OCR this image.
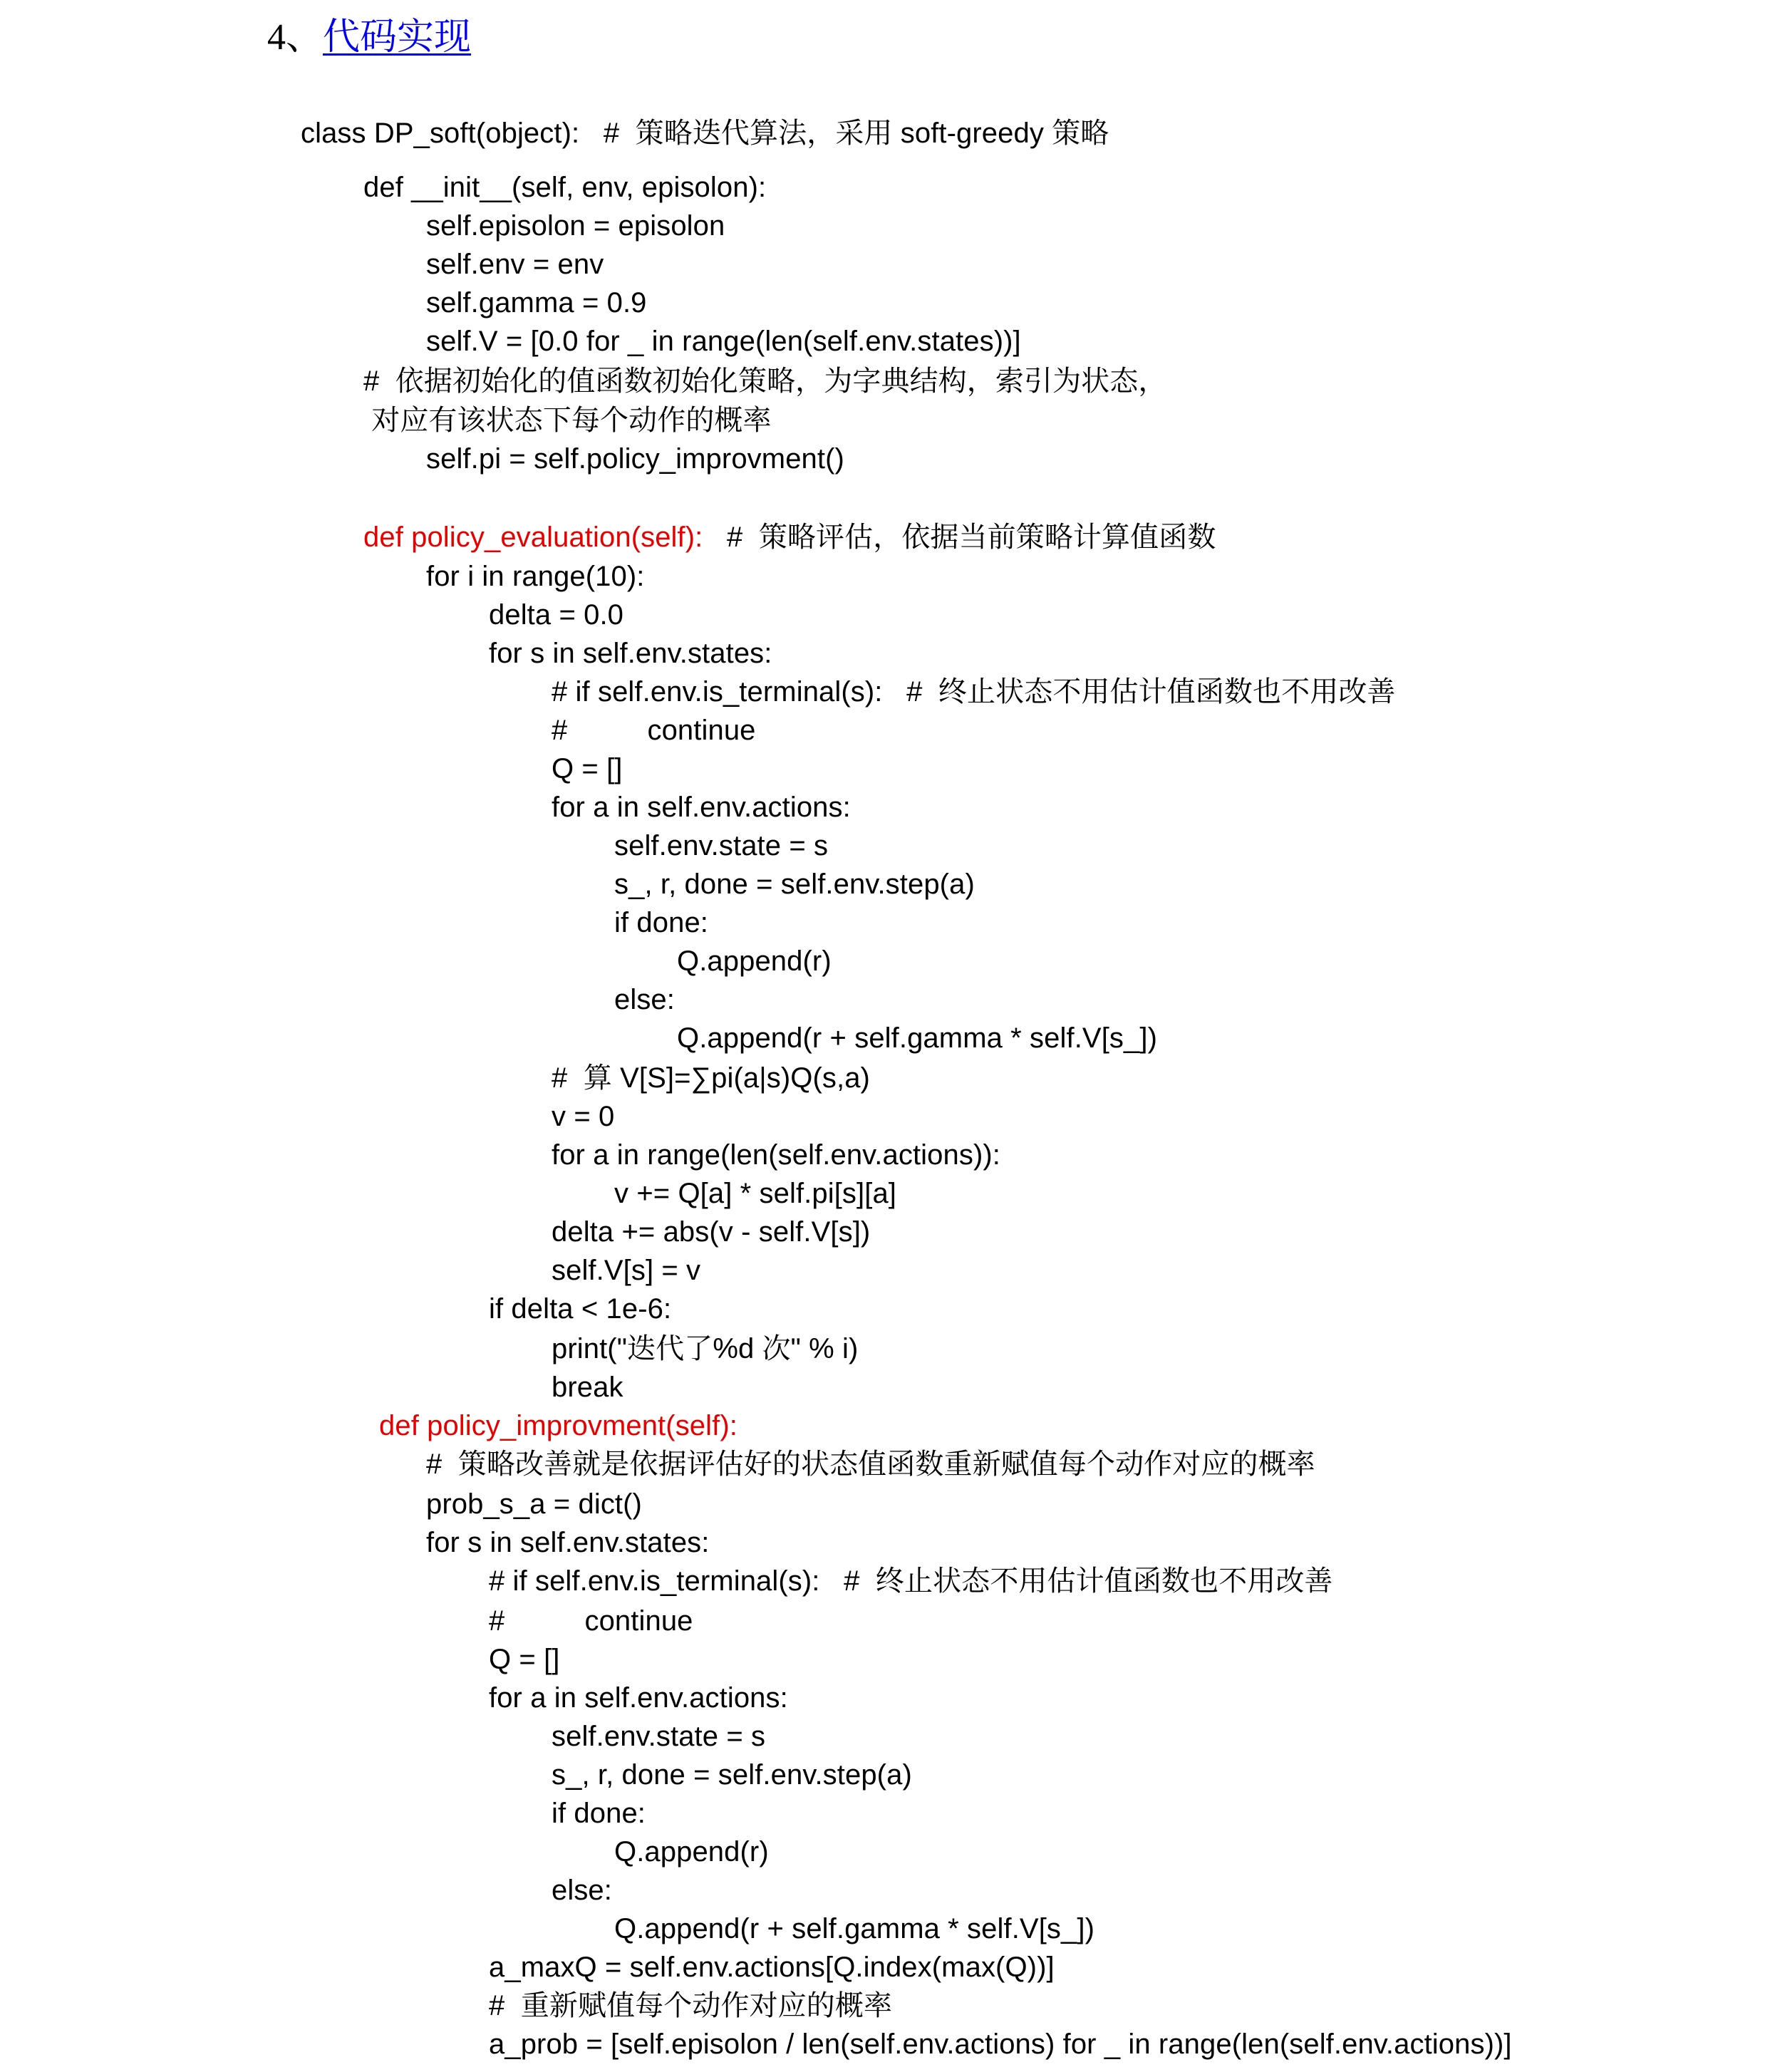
4、代码实现
class DP_soft(object):   #  策略迭代算法，采用 soft-greedy 策略
def __init__(self, env, episolon):
self.episolon = episolon
self.env = env
self.gamma = 0.9
self.V = [0.0 for _ in range(len(self.env.states))]
#  依据初始化的值函数初始化策略，为字典结构，索引为状态，
对应有该状态下每个动作的概率
self.pi = self.policy_improvment()
def policy_evaluation(self):   #  策略评估，依据当前策略计算值函数
for i in range(10):
delta = 0.0
for s in self.env.states:
# if self.env.is_terminal(s):   #  终止状态不用估计值函数也不用改善
#          continue
Q = []
for a in self.env.actions:
self.env.state = s
s_, r, done = self.env.step(a)
if done:
Q.append(r)
else:
Q.append(r + self.gamma * self.V[s_])
#  算 V[S]=∑pi(a|s)Q(s,a)
v = 0
for a in range(len(self.env.actions)):
v += Q[a] * self.pi[s][a]
delta += abs(v - self.V[s])
self.V[s] = v
if delta < 1e-6:
print("迭代了%d 次" % i)
break
def policy_improvment(self):
#  策略改善就是依据评估好的状态值函数重新赋值每个动作对应的概率
prob_s_a = dict()
for s in self.env.states:
# if self.env.is_terminal(s):   #  终止状态不用估计值函数也不用改善
#          continue
Q = []
for a in self.env.actions:
self.env.state = s
s_, r, done = self.env.step(a)
if done:
Q.append(r)
else:
Q.append(r + self.gamma * self.V[s_])
a_maxQ = self.env.actions[Q.index(max(Q))]
#  重新赋值每个动作对应的概率
a_prob = [self.episolon / len(self.env.actions) for _ in range(len(self.env.actions))]
